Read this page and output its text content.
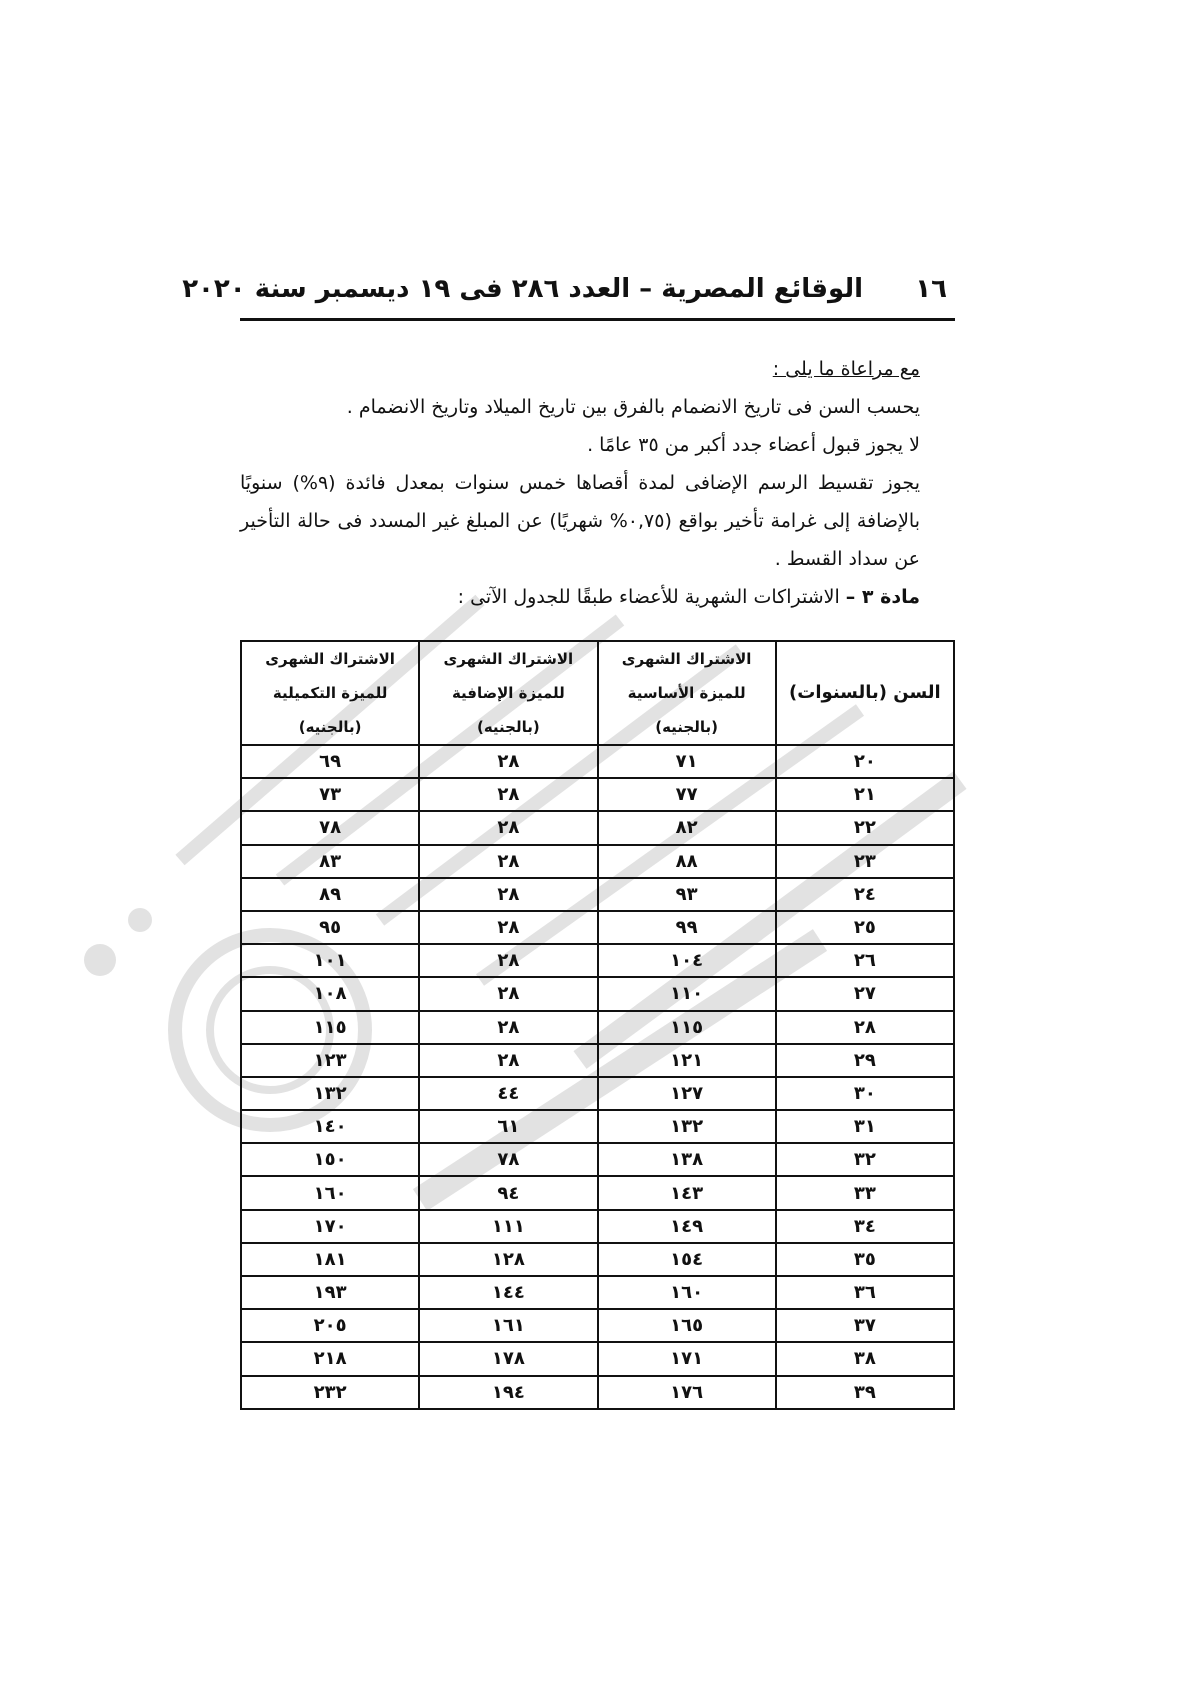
١٦
الوقائع المصرية – العدد ٢٨٦ فى ١٩ ديسمبر سنة ٢٠٢٠

مع مراعاة ما يلى :

يحسب السن فى تاريخ الانضمام بالفرق بين تاريخ الميلاد وتاريخ الانضمام .

لا يجوز قبول أعضاء جدد أكبر من ٣٥ عامًا .

يجوز تقسيط الرسم الإضافى لمدة أقصاها خمس سنوات بمعدل فائدة (٩%) سنويًا بالإضافة إلى غرامة تأخير بواقع (٠,٧٥% شهريًا) عن المبلغ غير المسدد فى حالة التأخير عن سداد القسط .

مادة ٣ – الاشتراكات الشهرية للأعضاء طبقًا للجدول الآتى :

السن (بالسنوات)	الاشتراك الشهرى للميزة الأساسية (بالجنيه)	الاشتراك الشهرى للميزة الإضافية (بالجنيه)	الاشتراك الشهرى للميزة التكميلية (بالجنيه)
٢٠	٧١	٢٨	٦٩
٢١	٧٧	٢٨	٧٣
٢٢	٨٢	٢٨	٧٨
٢٣	٨٨	٢٨	٨٣
٢٤	٩٣	٢٨	٨٩
٢٥	٩٩	٢٨	٩٥
٢٦	١٠٤	٢٨	١٠١
٢٧	١١٠	٢٨	١٠٨
٢٨	١١٥	٢٨	١١٥
٢٩	١٢١	٢٨	١٢٣
٣٠	١٢٧	٤٤	١٣٢
٣١	١٣٢	٦١	١٤٠
٣٢	١٣٨	٧٨	١٥٠
٣٣	١٤٣	٩٤	١٦٠
٣٤	١٤٩	١١١	١٧٠
٣٥	١٥٤	١٢٨	١٨١
٣٦	١٦٠	١٤٤	١٩٣
٣٧	١٦٥	١٦١	٢٠٥
٣٨	١٧١	١٧٨	٢١٨
٣٩	١٧٦	١٩٤	٢٣٢
